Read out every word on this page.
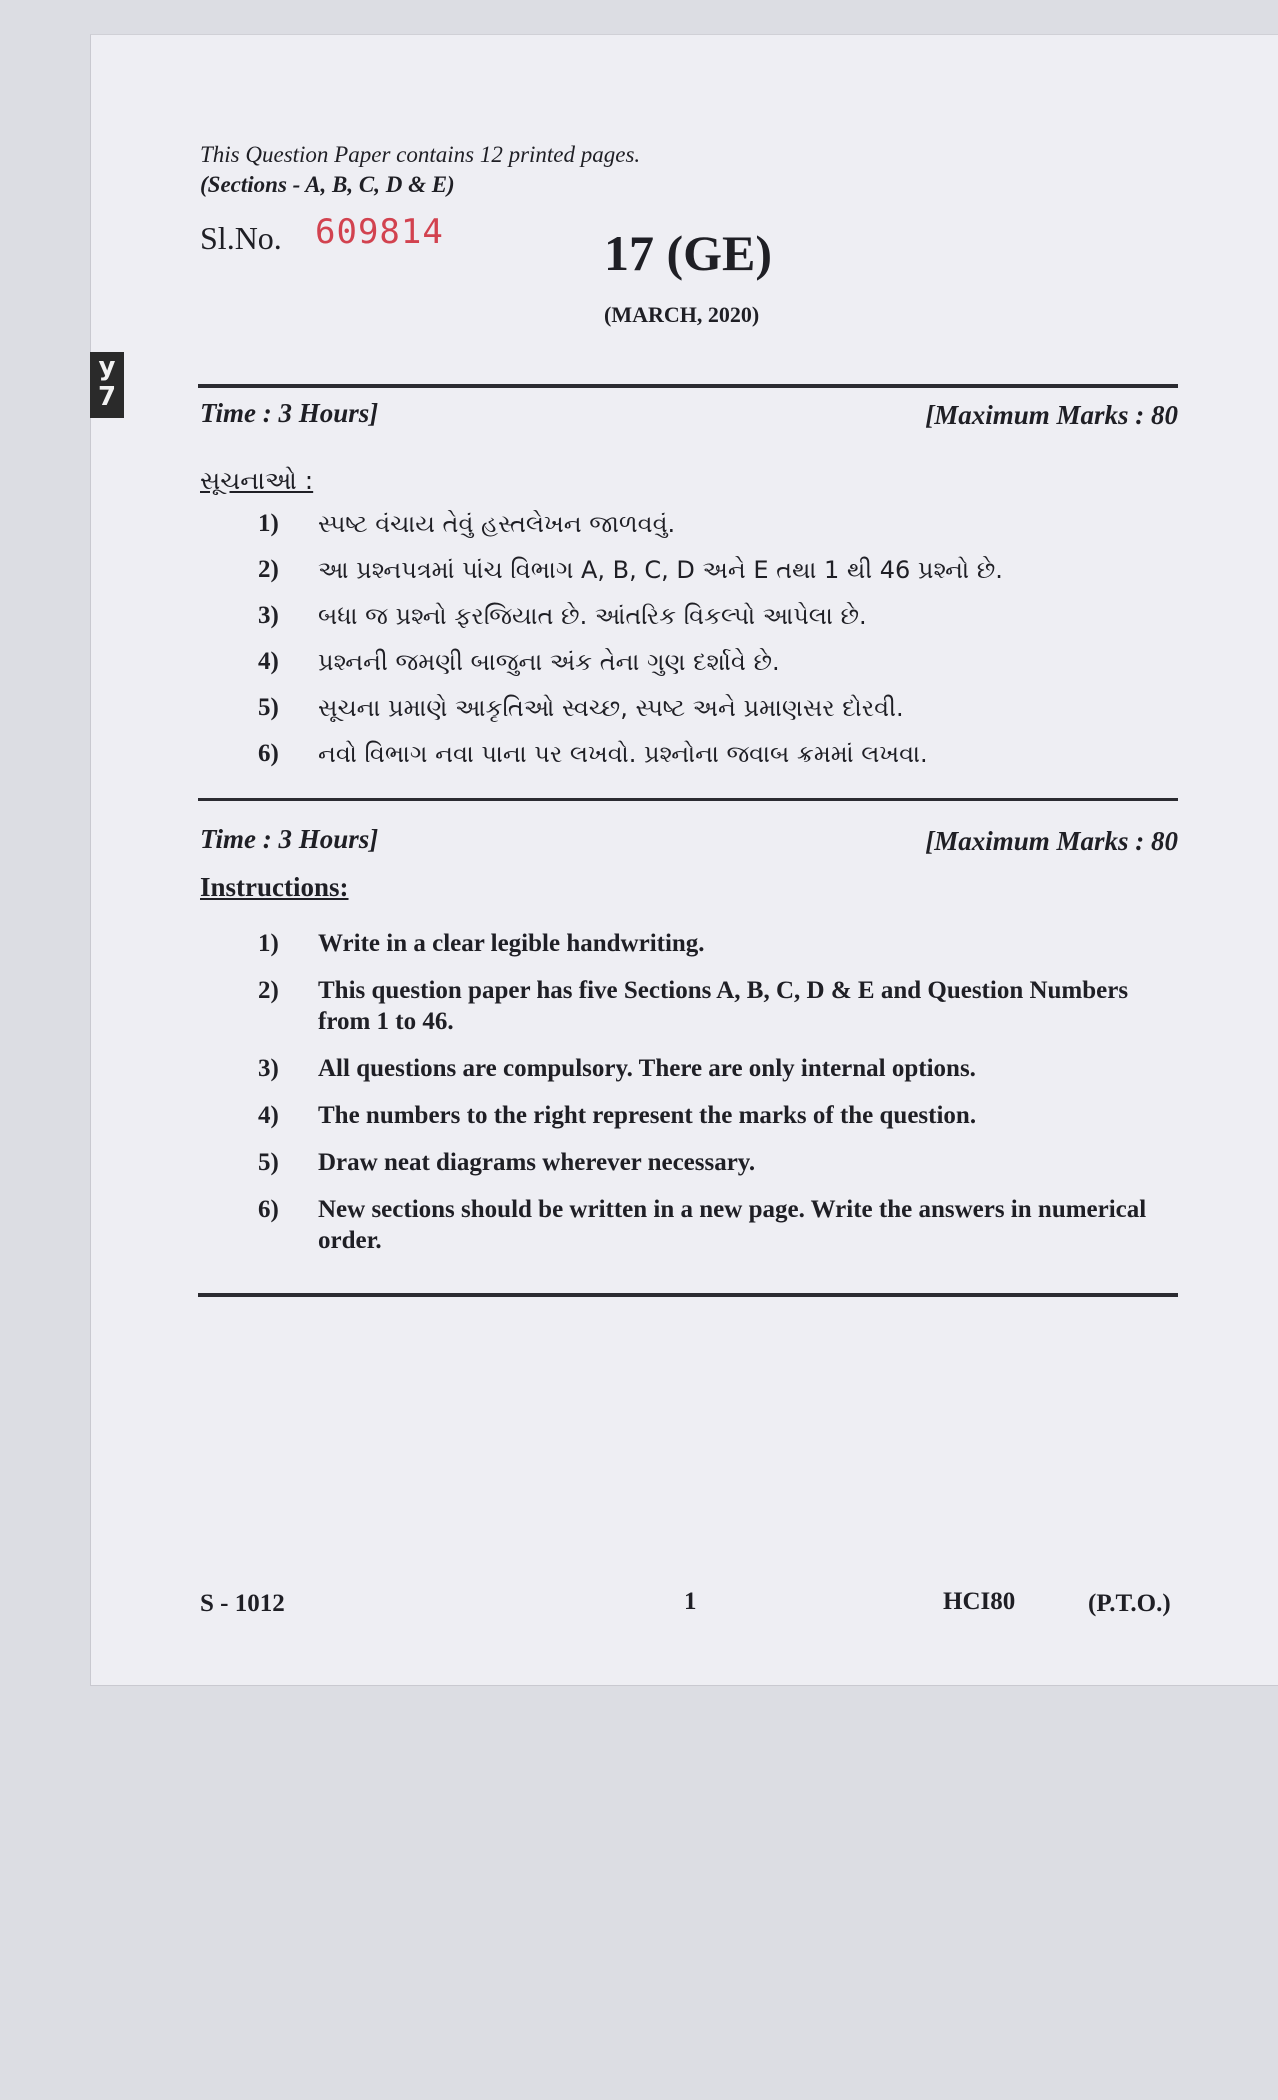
y
7
This Question Paper contains 12 printed pages.
(Sections - A, B, C, D & E)
Sl.No. 609814	17 (GE)
(MARCH, 2020)
Time : 3 Hours]	[Maximum Marks : 80
સૂચનાઓ :
1) સ્પષ્ટ વંચાય તેવું હસ્તલેખન જાળવવું.
2) આ પ્રશ્નપત્રમાં પાંચ વિભાગ A, B, C, D અને E તથા 1 થી 46 પ્રશ્નો છે.
3) બધા જ પ્રશ્નો ફરજિયાત છે. આંતરિક વિકલ્પો આપેલા છે.
4) પ્રશ્નની જમણી બાજુના અંક તેના ગુણ દર્શાવે છે.
5) સૂચના પ્રમાણે આકૃતિઓ સ્વચ્છ, સ્પષ્ટ અને પ્રમાણસર દોરવી.
6) નવો વિભાગ નવા પાના પર લખવો. પ્રશ્નોના જવાબ ક્રમમાં લખવા.
Time : 3 Hours]	[Maximum Marks : 80
Instructions:
1) Write in a clear legible handwriting.
2) This question paper has five Sections A, B, C, D & E and Question Numbers from 1 to 46.
3) All questions are compulsory. There are only internal options.
4) The numbers to the right represent the marks of the question.
5) Draw neat diagrams wherever necessary.
6) New sections should be written in a new page. Write the answers in numerical order.
S - 1012	1	HCI80	(P.T.O.)
